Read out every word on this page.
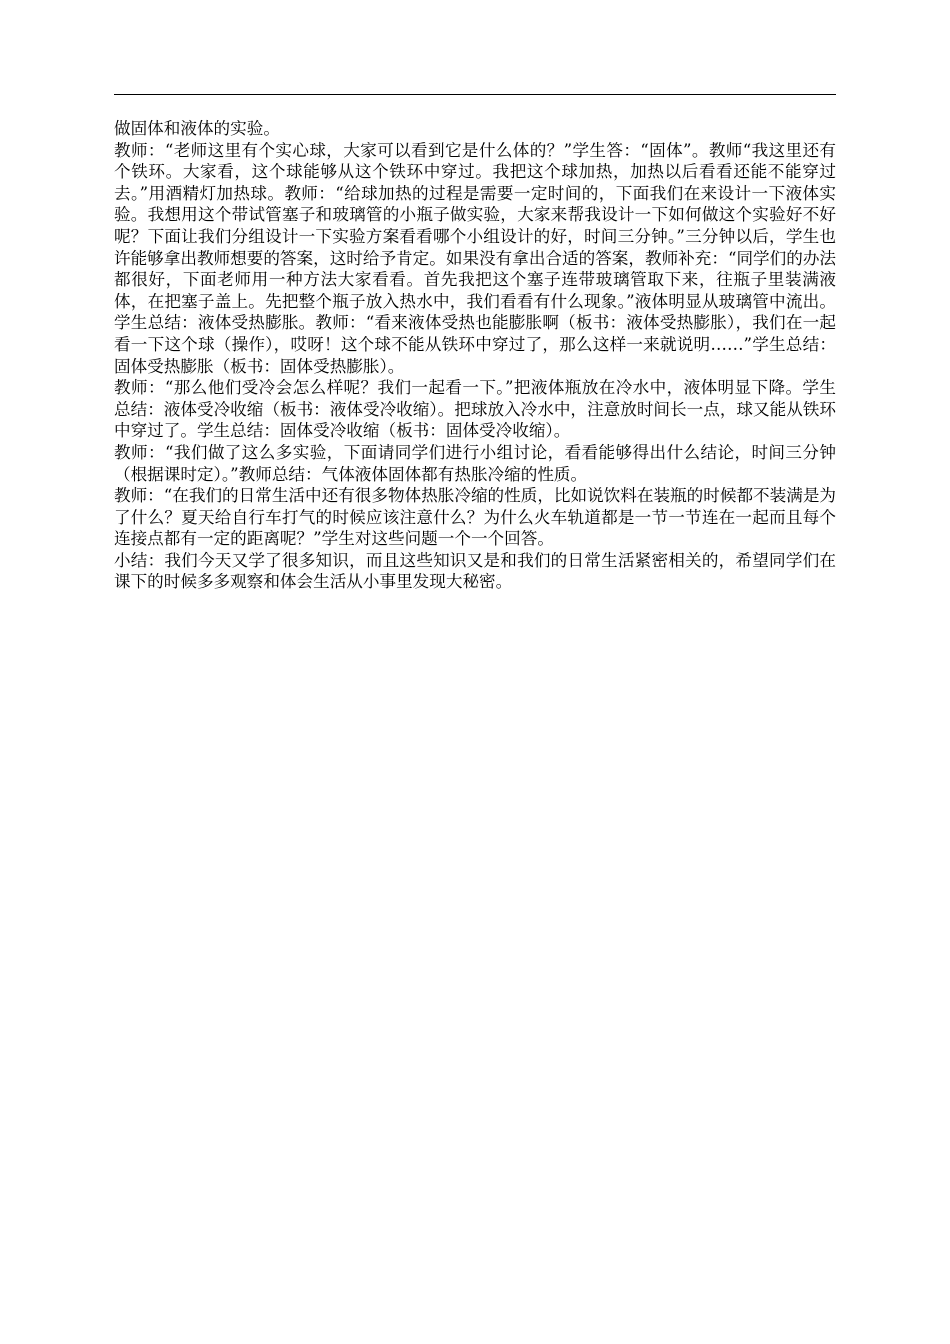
做固体和液体的实验。

教师：“老师这里有个实心球，大家可以看到它是什么体的？”学生答：“固体”。教师“我这里还有个铁环。大家看，这个球能够从这个铁环中穿过。我把这个球加热，加热以后看看还能不能穿过去。”用酒精灯加热球。教师：“给球加热的过程是需要一定时间的，下面我们在来设计一下液体实验。我想用这个带试管塞子和玻璃管的小瓶子做实验，大家来帮我设计一下如何做这个实验好不好呢？下面让我们分组设计一下实验方案看看哪个小组设计的好，时间三分钟。”三分钟以后，学生也许能够拿出教师想要的答案，这时给予肯定。如果没有拿出合适的答案，教师补充：“同学们的办法都很好，下面老师用一种方法大家看看。首先我把这个塞子连带玻璃管取下来，往瓶子里装满液体，在把塞子盖上。先把整个瓶子放入热水中，我们看看有什么现象。”液体明显从玻璃管中流出。学生总结：液体受热膨胀。教师：“看来液体受热也能膨胀啊（板书：液体受热膨胀），我们在一起看一下这个球（操作），哎呀！这个球不能从铁环中穿过了，那么这样一来就说明……”学生总结：固体受热膨胀（板书：固体受热膨胀）。

教师：“那么他们受冷会怎么样呢？我们一起看一下。”把液体瓶放在冷水中，液体明显下降。学生总结：液体受冷收缩（板书：液体受冷收缩）。把球放入冷水中，注意放时间长一点，球又能从铁环中穿过了。学生总结：固体受冷收缩（板书：固体受冷收缩）。

教师：“我们做了这么多实验，下面请同学们进行小组讨论，看看能够得出什么结论，时间三分钟（根据课时定）。”教师总结：气体液体固体都有热胀冷缩的性质。

教师：“在我们的日常生活中还有很多物体热胀冷缩的性质，比如说饮料在装瓶的时候都不装满是为了什么？夏天给自行车打气的时候应该注意什么？为什么火车轨道都是一节一节连在一起而且每个连接点都有一定的距离呢？”学生对这些问题一个一个回答。

小结：我们今天又学了很多知识，而且这些知识又是和我们的日常生活紧密相关的，希望同学们在课下的时候多多观察和体会生活从小事里发现大秘密。
